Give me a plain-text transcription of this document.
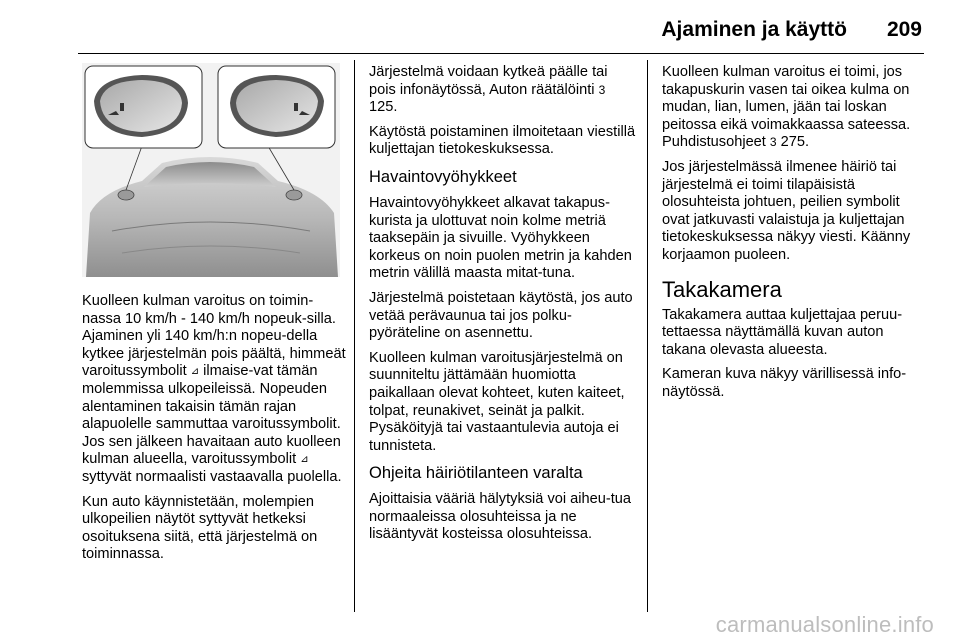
Ajaminen ja käyttö 209

Kuolleen kulman varoitus on toimin-nassa 10 km/h - 140 km/h nopeuk-silla. Ajaminen yli 140 km/h:n nopeu-della kytkee järjestelmän pois päältä, himmeät varoitussymbolit ⊿ ilmaise-vat tämän molemmissa ulkopeileissä. Nopeuden alentaminen takaisin tämän rajan alapuolelle sammuttaa varoitussymbolit. Jos sen jälkeen havaitaan auto kuolleen kulman alueella, varoitussymbolit ⊿ syttyvät normaalisti vastaavalla puolella.

Kun auto käynnistetään, molempien ulkopeilien näytöt syttyvät hetkeksi osoituksena siitä, että järjestelmä on toiminnassa.

Järjestelmä voidaan kytkeä päälle tai pois infonäytössä, Auton räätälöinti 3 125.

Käytöstä poistaminen ilmoitetaan viestillä kuljettajan tietokeskuksessa.

Havaintovyöhykkeet

Havaintovyöhykkeet alkavat takapus-kurista ja ulottuvat noin kolme metriä taaksepäin ja sivuille. Vyöhykkeen korkeus on noin puolen metrin ja kahden metrin välillä maasta mitat-tuna.

Järjestelmä poistetaan käytöstä, jos auto vetää perävaunua tai jos polku-pyöräteline on asennettu.

Kuolleen kulman varoitusjärjestelmä on suunniteltu jättämään huomiotta paikallaan olevat kohteet, kuten kaiteet, tolpat, reunakivet, seinät ja palkit. Pysäköityjä tai vastaantulevia autoja ei tunnisteta.

Ohjeita häiriötilanteen varalta

Ajoittaisia vääriä hälytyksiä voi aiheu-tua normaaleissa olosuhteissa ja ne lisääntyvät kosteissa olosuhteissa.

Kuolleen kulman varoitus ei toimi, jos takapuskurin vasen tai oikea kulma on mudan, lian, lumen, jään tai loskan peitossa eikä voimakkaassa sateessa. Puhdistusohjeet 3 275.

Jos järjestelmässä ilmenee häiriö tai järjestelmä ei toimi tilapäisistä olosuhteista johtuen, peilien symbolit ovat jatkuvasti valaistuja ja kuljettajan tietokeskuksessa näkyy viesti. Käänny korjaamon puoleen.

Takakamera

Takakamera auttaa kuljettajaa peruu-tettaessa näyttämällä kuvan auton takana olevasta alueesta.

Kameran kuva näkyy värillisessä info-näytössä.

carmanualsonline.info
